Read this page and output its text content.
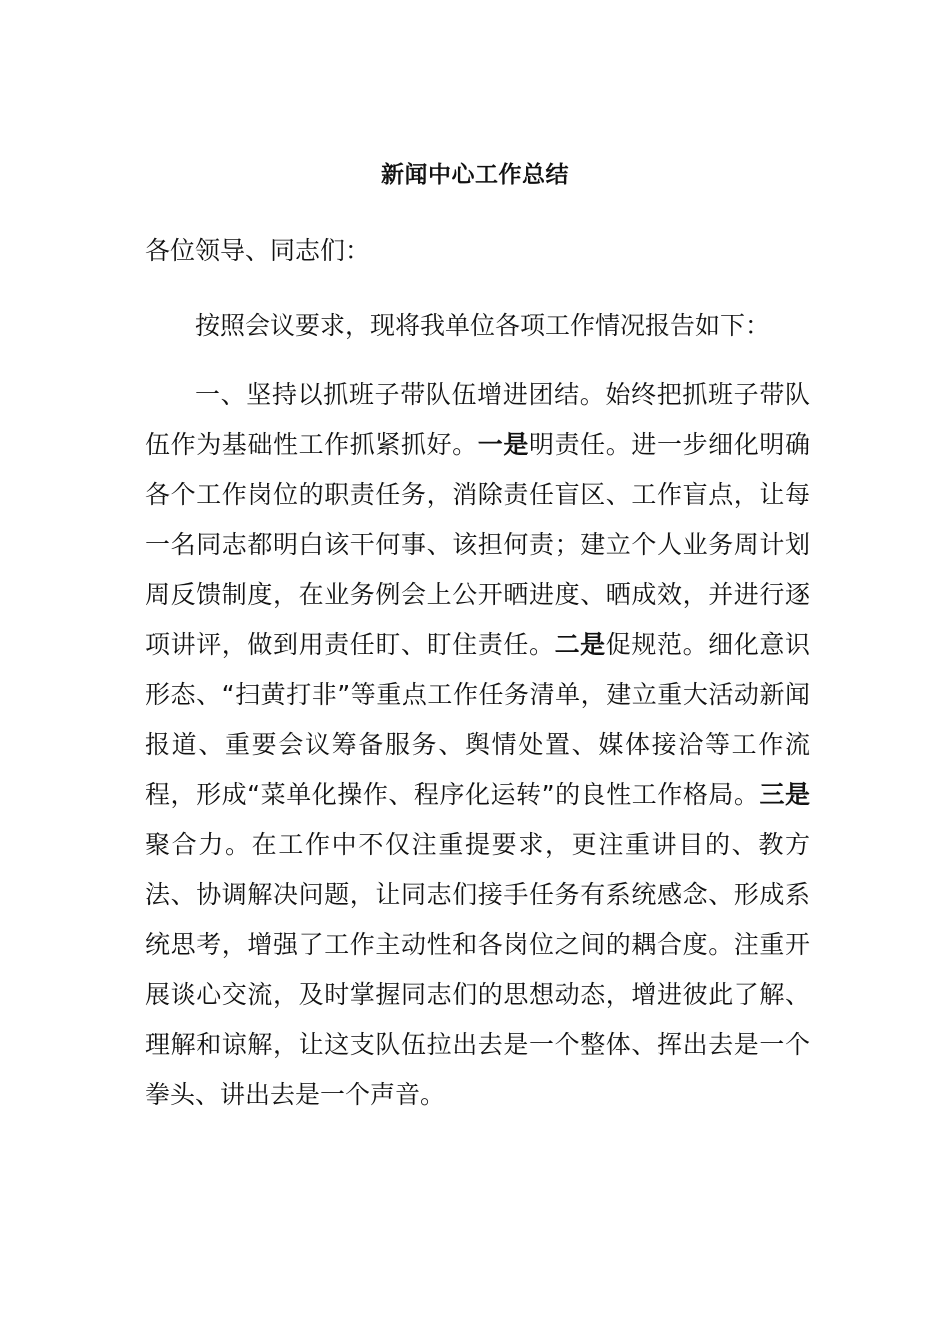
新闻中心工作总结
各位领导、同志们：
按照会议要求，现将我单位各项工作情况报告如下：
一、坚持以抓班子带队伍增进团结。始终把抓班子带队伍作为基础性工作抓紧抓好。一是明责任。进一步细化明确各个工作岗位的职责任务，消除责任盲区、工作盲点，让每一名同志都明白该干何事、该担何责；建立个人业务周计划周反馈制度，在业务例会上公开晒进度、晒成效，并进行逐项讲评，做到用责任盯、盯住责任。二是促规范。细化意识形态、“扫黄打非”等重点工作任务清单，建立重大活动新闻报道、重要会议筹备服务、舆情处置、媒体接洽等工作流程，形成“菜单化操作、程序化运转”的良性工作格局。三是聚合力。在工作中不仅注重提要求，更注重讲目的、教方法、协调解决问题，让同志们接手任务有系统感念、形成系统思考，增强了工作主动性和各岗位之间的耦合度。注重开展谈心交流，及时掌握同志们的思想动态，增进彼此了解、理解和谅解，让这支队伍拉出去是一个整体、挥出去是一个拳头、讲出去是一个声音。
